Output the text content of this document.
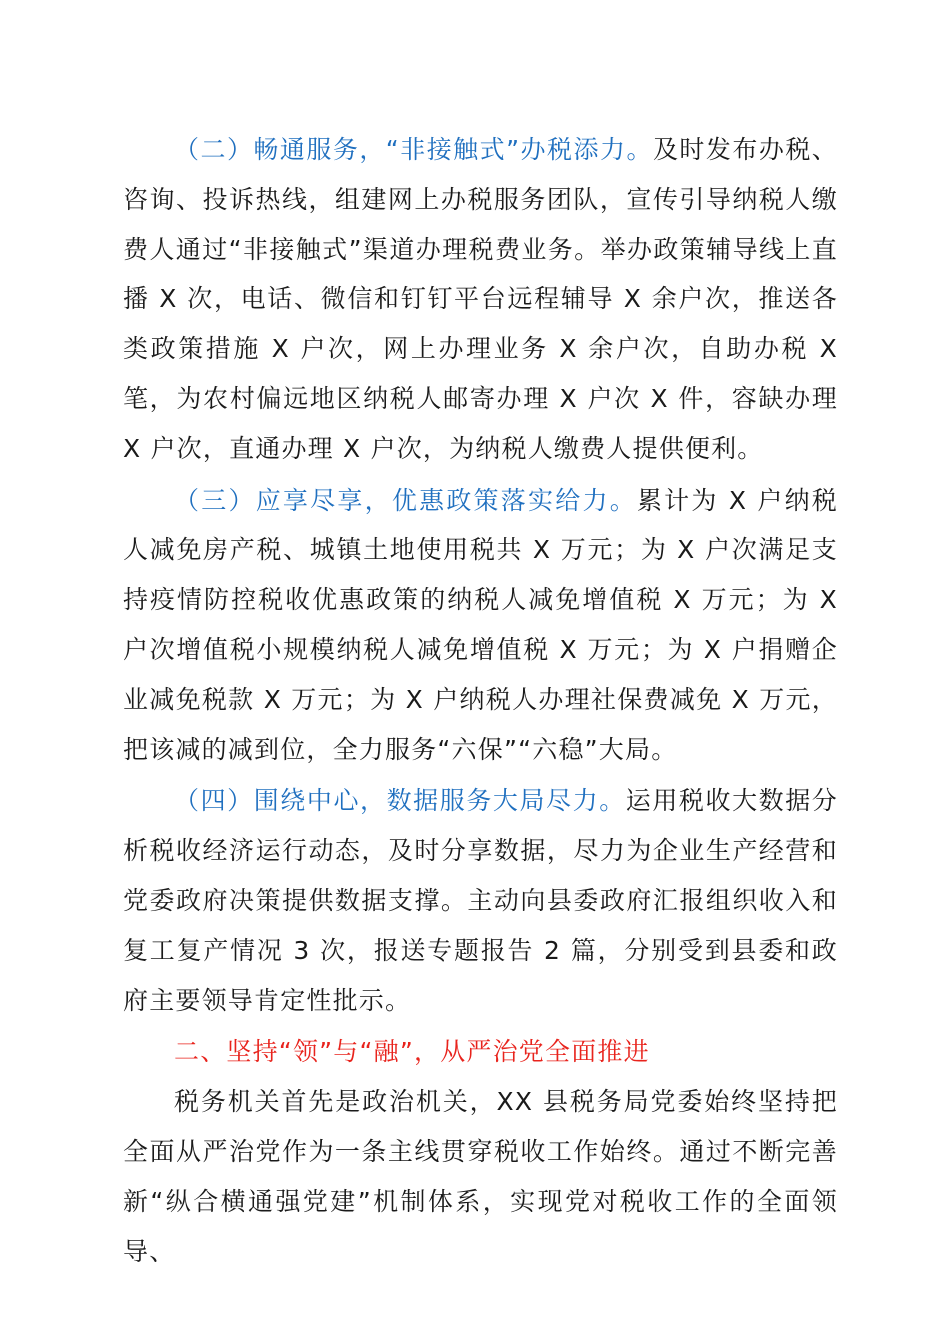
（二）畅通服务，“非接触式”办税添力。及时发布办税、咨询、投诉热线，组建网上办税服务团队，宣传引导纳税人缴费人通过“非接触式”渠道办理税费业务。举办政策辅导线上直播 X 次，电话、微信和钉钉平台远程辅导 X 余户次，推送各类政策措施 X 户次，网上办理业务 X 余户次，自助办税 X 笔，为农村偏远地区纳税人邮寄办理 X 户次 X 件，容缺办理 X 户次，直通办理 X 户次，为纳税人缴费人提供便利。

（三）应享尽享，优惠政策落实给力。累计为 X 户纳税人减免房产税、城镇土地使用税共 X 万元；为 X 户次满足支持疫情防控税收优惠政策的纳税人减免增值税 X 万元；为 X 户次增值税小规模纳税人减免增值税 X 万元；为 X 户捐赠企业减免税款 X 万元；为 X 户纳税人办理社保费减免 X 万元，把该减的减到位，全力服务“六保”“六稳”大局。

（四）围绕中心，数据服务大局尽力。运用税收大数据分析税收经济运行动态，及时分享数据，尽力为企业生产经营和党委政府决策提供数据支撑。主动向县委政府汇报组织收入和复工复产情况 3 次，报送专题报告 2 篇，分别受到县委和政府主要领导肯定性批示。

二、坚持“领”与“融”，从严治党全面推进

税务机关首先是政治机关，XX 县税务局党委始终坚持把全面从严治党作为一条主线贯穿税收工作始终。通过不断完善新“纵合横通强党建”机制体系，实现党对税收工作的全面领导、
